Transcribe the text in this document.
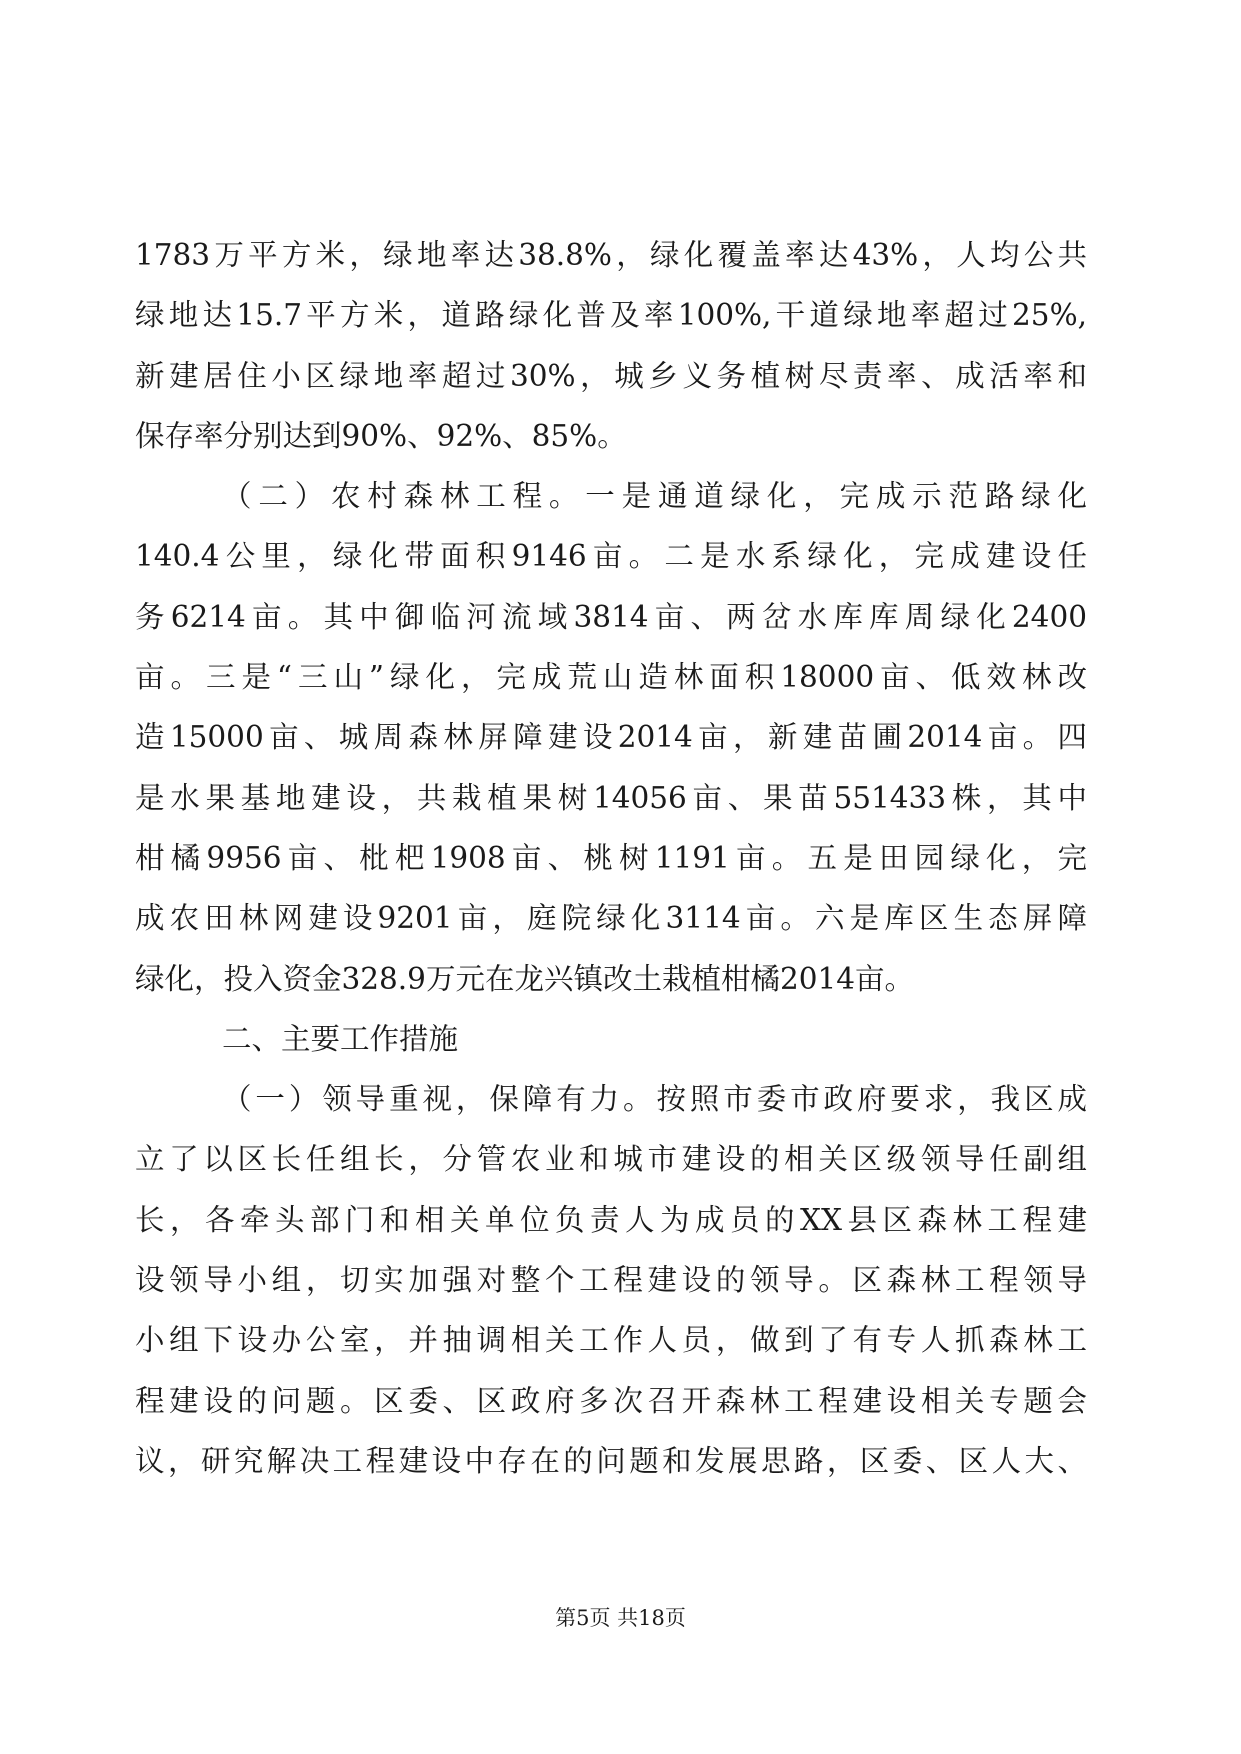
1783万平方米，绿地率达38.8%，绿化覆盖率达43%，人均公共
绿地达15.7平方米，道路绿化普及率100%,干道绿地率超过25%,
新建居住小区绿地率超过30%，城乡义务植树尽责率、成活率和
保存率分别达到90%、92%、85%。
（二）农村森林工程。一是通道绿化，完成示范路绿化
140.4公里，绿化带面积9146亩。二是水系绿化，完成建设任
务6214亩。其中御临河流域3814亩、两岔水库库周绿化2400
亩。三是“三山”绿化，完成荒山造林面积18000亩、低效林改
造15000亩、城周森林屏障建设2014亩，新建苗圃2014亩。四
是水果基地建设，共栽植果树14056亩、果苗551433株，其中
柑橘9956亩、枇杷1908亩、桃树1191亩。五是田园绿化，完
成农田林网建设9201亩，庭院绿化3114亩。六是库区生态屏障
绿化，投入资金328.9万元在龙兴镇改土栽植柑橘2014亩。
二、主要工作措施
（一）领导重视，保障有力。按照市委市政府要求，我区成
立了以区长任组长，分管农业和城市建设的相关区级领导任副组
长，各牵头部门和相关单位负责人为成员的XX县区森林工程建
设领导小组，切实加强对整个工程建设的领导。区森林工程领导
小组下设办公室，并抽调相关工作人员，做到了有专人抓森林工
程建设的问题。区委、区政府多次召开森林工程建设相关专题会
议，研究解决工程建设中存在的问题和发展思路，区委、区人大、
第5页 共18页
